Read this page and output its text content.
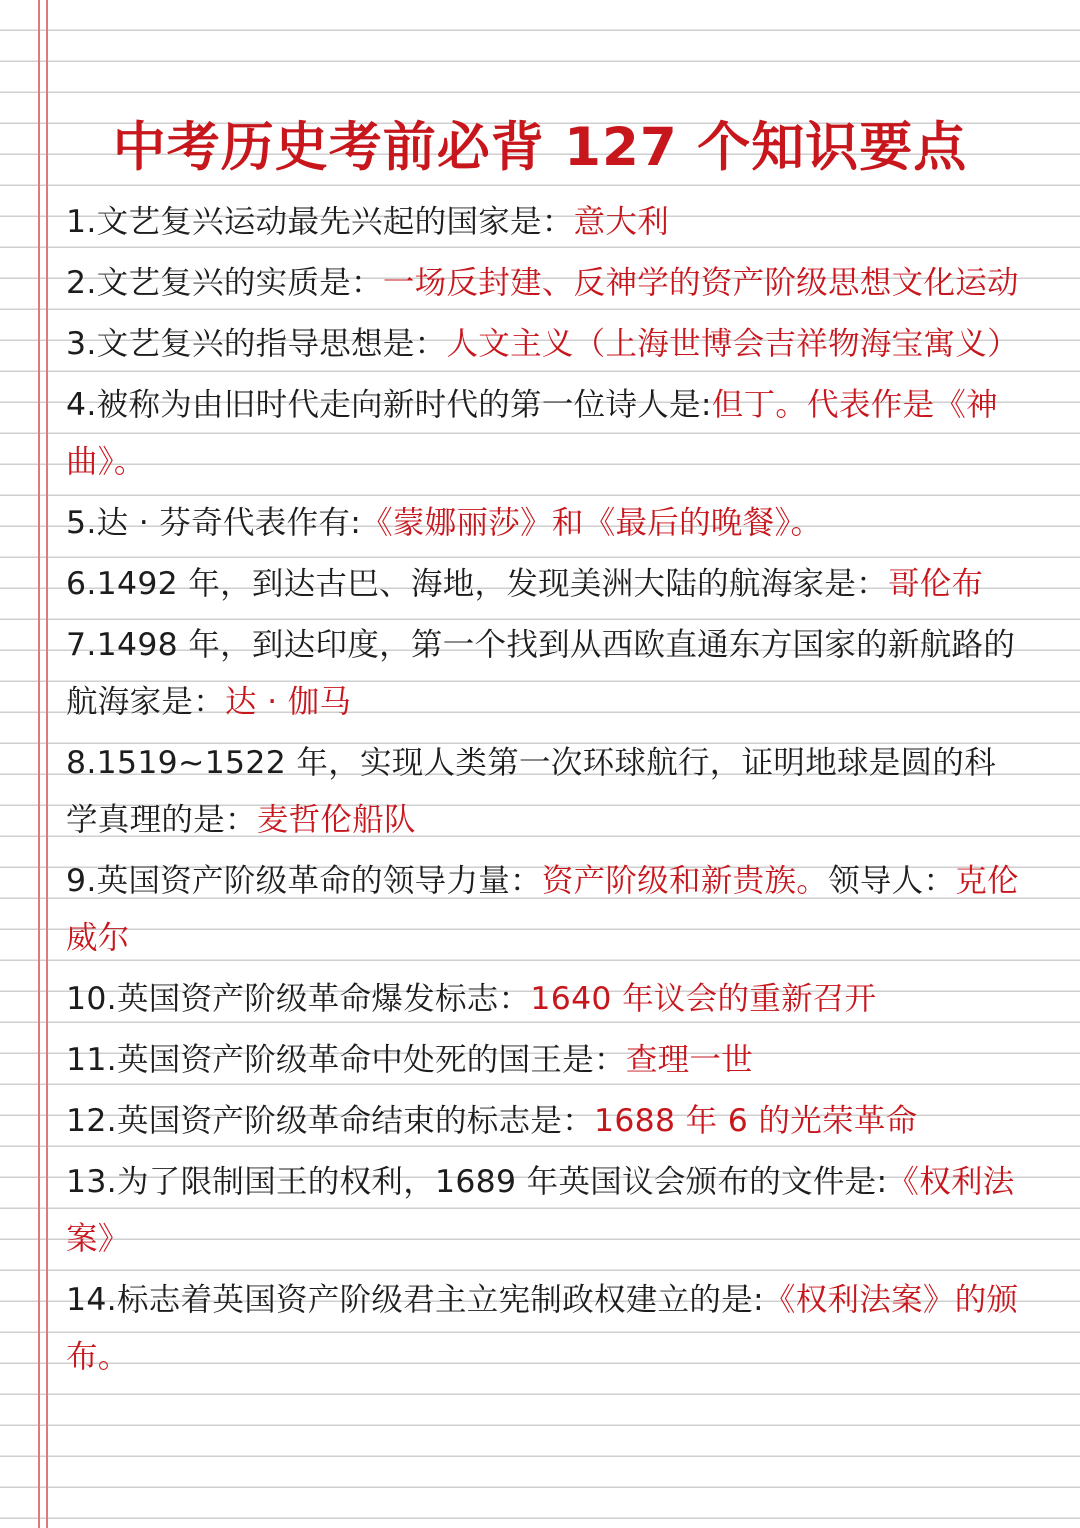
中考历史考前必背 127 个知识要点
1.文艺复兴运动最先兴起的国家是：意大利
2.文艺复兴的实质是：一场反封建、反神学的资产阶级思想文化运动
3.文艺复兴的指导思想是：人文主义（上海世博会吉祥物海宝寓义）
4.被称为由旧时代走向新时代的第一位诗人是:但丁。代表作是《神曲》。
5.达 · 芬奇代表作有:《蒙娜丽莎》和《最后的晚餐》。
6.1492 年，到达古巴、海地，发现美洲大陆的航海家是：哥伦布
7.1498 年，到达印度，第一个找到从西欧直通东方国家的新航路的航海家是：达 · 伽马
8.1519~1522 年，实现人类第一次环球航行，证明地球是圆的科学真理的是：麦哲伦船队
9.英国资产阶级革命的领导力量：资产阶级和新贵族。领导人：克伦威尔
10.英国资产阶级革命爆发标志：1640 年议会的重新召开
11.英国资产阶级革命中处死的国王是：查理一世
12.英国资产阶级革命结束的标志是：1688 年 6 的光荣革命
13.为了限制国王的权利，1689 年英国议会颁布的文件是:《权利法案》
14.标志着英国资产阶级君主立宪制政权建立的是:《权利法案》的颁布。
